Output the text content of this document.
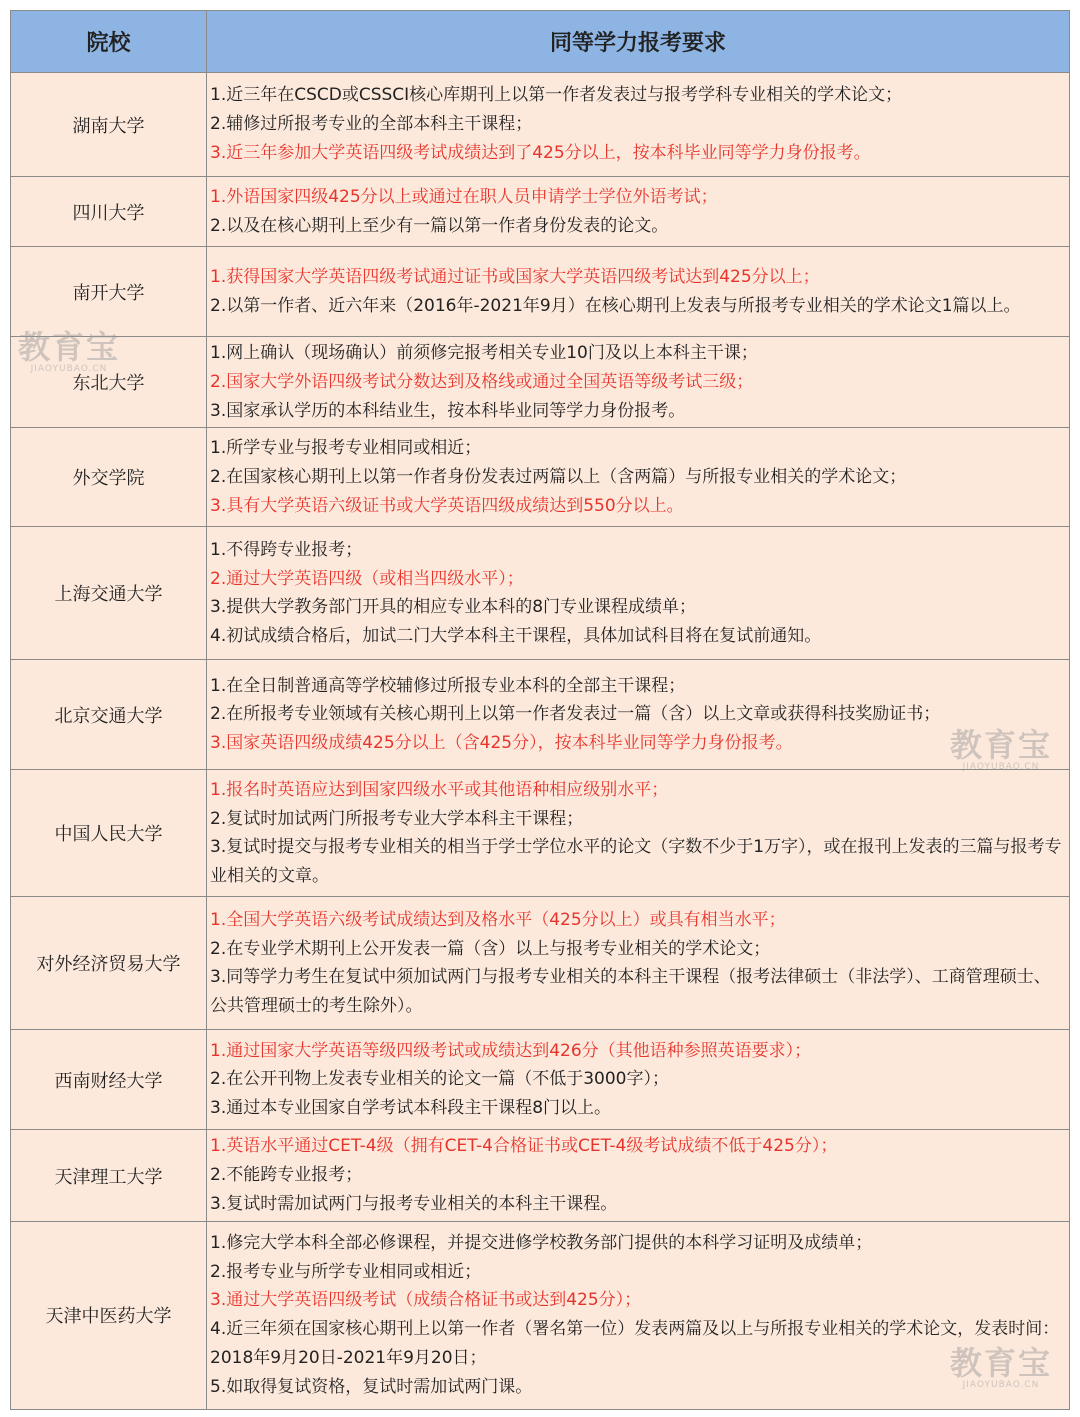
院校	同等学力报考要求
湖南大学	1.近三年在CSCD或CSSCI核心库期刊上以第一作者发表过与报考学科专业相关的学术论文；
2.辅修过所报考专业的全部本科主干课程；
3.近三年参加大学英语四级考试成绩达到了425分以上，按本科毕业同等学力身份报考。

四川大学	1.外语国家四级425分以上或通过在职人员申请学士学位外语考试；
2.以及在核心期刊上至少有一篇以第一作者身份发表的论文。

南开大学	1.获得国家大学英语四级考试通过证书或国家大学英语四级考试达到425分以上；
2.以第一作者、近六年来（2016年-2021年9月）在核心期刊上发表与所报考专业相关的学术论文1篇以上。

东北大学	1.网上确认（现场确认）前须修完报考相关专业10门及以上本科主干课；
2.国家大学外语四级考试分数达到及格线或通过全国英语等级考试三级；
3.国家承认学历的本科结业生，按本科毕业同等学力身份报考。

外交学院	1.所学专业与报考专业相同或相近；
2.在国家核心期刊上以第一作者身份发表过两篇以上（含两篇）与所报专业相关的学术论文；
3.具有大学英语六级证书或大学英语四级成绩达到550分以上。

上海交通大学	1.不得跨专业报考；
2.通过大学英语四级（或相当四级水平）；
3.提供大学教务部门开具的相应专业本科的8门专业课程成绩单；
4.初试成绩合格后，加试二门大学本科主干课程，具体加试科目将在复试前通知。

北京交通大学	1.在全日制普通高等学校辅修过所报专业本科的全部主干课程；
2.在所报考专业领域有关核心期刊上以第一作者发表过一篇（含）以上文章或获得科技奖励证书；
3.国家英语四级成绩425分以上（含425分），按本科毕业同等学力身份报考。

中国人民大学	1.报名时英语应达到国家四级水平或其他语种相应级别水平；
2.复试时加试两门所报考专业大学本科主干课程；
3.复试时提交与报考专业相关的相当于学士学位水平的论文（字数不少于1万字），或在报刊上发表的三篇与报考专业相关的文章。

对外经济贸易大学	1.全国大学英语六级考试成绩达到及格水平（425分以上）或具有相当水平；
2.在专业学术期刊上公开发表一篇（含）以上与报考专业相关的学术论文；
3.同等学力考生在复试中须加试两门与报考专业相关的本科主干课程（报考法律硕士（非法学）、工商管理硕士、公共管理硕士的考生除外）。

西南财经大学	1.通过国家大学英语等级四级考试或成绩达到426分（其他语种参照英语要求）；
2.在公开刊物上发表专业相关的论文一篇（不低于3000字）；
3.通过本专业国家自学考试本科段主干课程8门以上。

天津理工大学	1.英语水平通过CET-4级（拥有CET-4合格证书或CET-4级考试成绩不低于425分）；
2.不能跨专业报考；
3.复试时需加试两门与报考专业相关的本科主干课程。

天津中医药大学	1.修完大学本科全部必修课程，并提交进修学校教务部门提供的本科学习证明及成绩单；
2.报考专业与所学专业相同或相近；
3.通过大学英语四级考试（成绩合格证书或达到425分）；
4.近三年须在国家核心期刊上以第一作者（署名第一位）发表两篇及以上与所报专业相关的学术论文，发表时间：2018年9月20日-2021年9月20日；
5.如取得复试资格，复试时需加试两门课。
教育宝
JIAOYUBAO.CN
教育宝
JIAOYUBAO.CN
教育宝
JIAOYUBAO.CN
